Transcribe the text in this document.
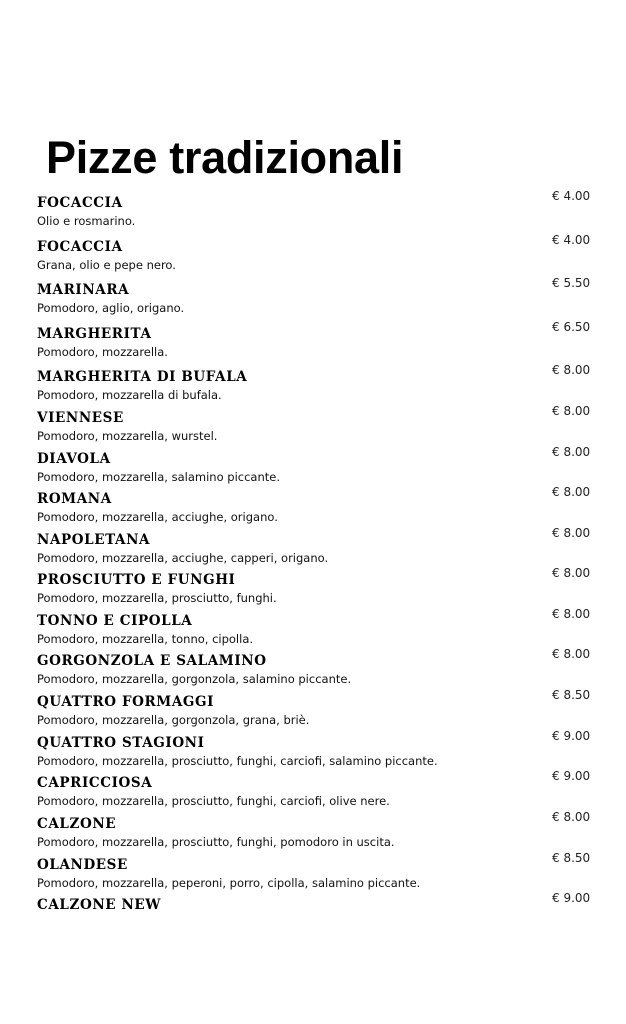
Pizze tradizionali
FOCACCIA
Olio e rosmarino.
€ 4.00
FOCACCIA
Grana, olio e pepe nero.
€ 4.00
MARINARA
Pomodoro, aglio, origano.
€ 5.50
MARGHERITA
Pomodoro, mozzarella.
€ 6.50
MARGHERITA DI BUFALA
Pomodoro, mozzarella di bufala.
€ 8.00
VIENNESE
Pomodoro, mozzarella, wurstel.
€ 8.00
DIAVOLA
Pomodoro, mozzarella, salamino piccante.
€ 8.00
ROMANA
Pomodoro, mozzarella, acciughe, origano.
€ 8.00
NAPOLETANA
Pomodoro, mozzarella, acciughe, capperi, origano.
€ 8.00
PROSCIUTTO E FUNGHI
Pomodoro, mozzarella, prosciutto, funghi.
€ 8.00
TONNO E CIPOLLA
Pomodoro, mozzarella, tonno, cipolla.
€ 8.00
GORGONZOLA E SALAMINO
Pomodoro, mozzarella, gorgonzola, salamino piccante.
€ 8.00
QUATTRO FORMAGGI
Pomodoro, mozzarella, gorgonzola, grana, briè.
€ 8.50
QUATTRO STAGIONI
Pomodoro, mozzarella, prosciutto, funghi, carciofi, salamino piccante.
€ 9.00
CAPRICCIOSA
Pomodoro, mozzarella, prosciutto, funghi, carciofi, olive nere.
€ 9.00
CALZONE
Pomodoro, mozzarella, prosciutto, funghi, pomodoro in uscita.
€ 8.00
OLANDESE
Pomodoro, mozzarella, peperoni, porro, cipolla, salamino piccante.
€ 8.50
CALZONE NEW	€ 9.00
